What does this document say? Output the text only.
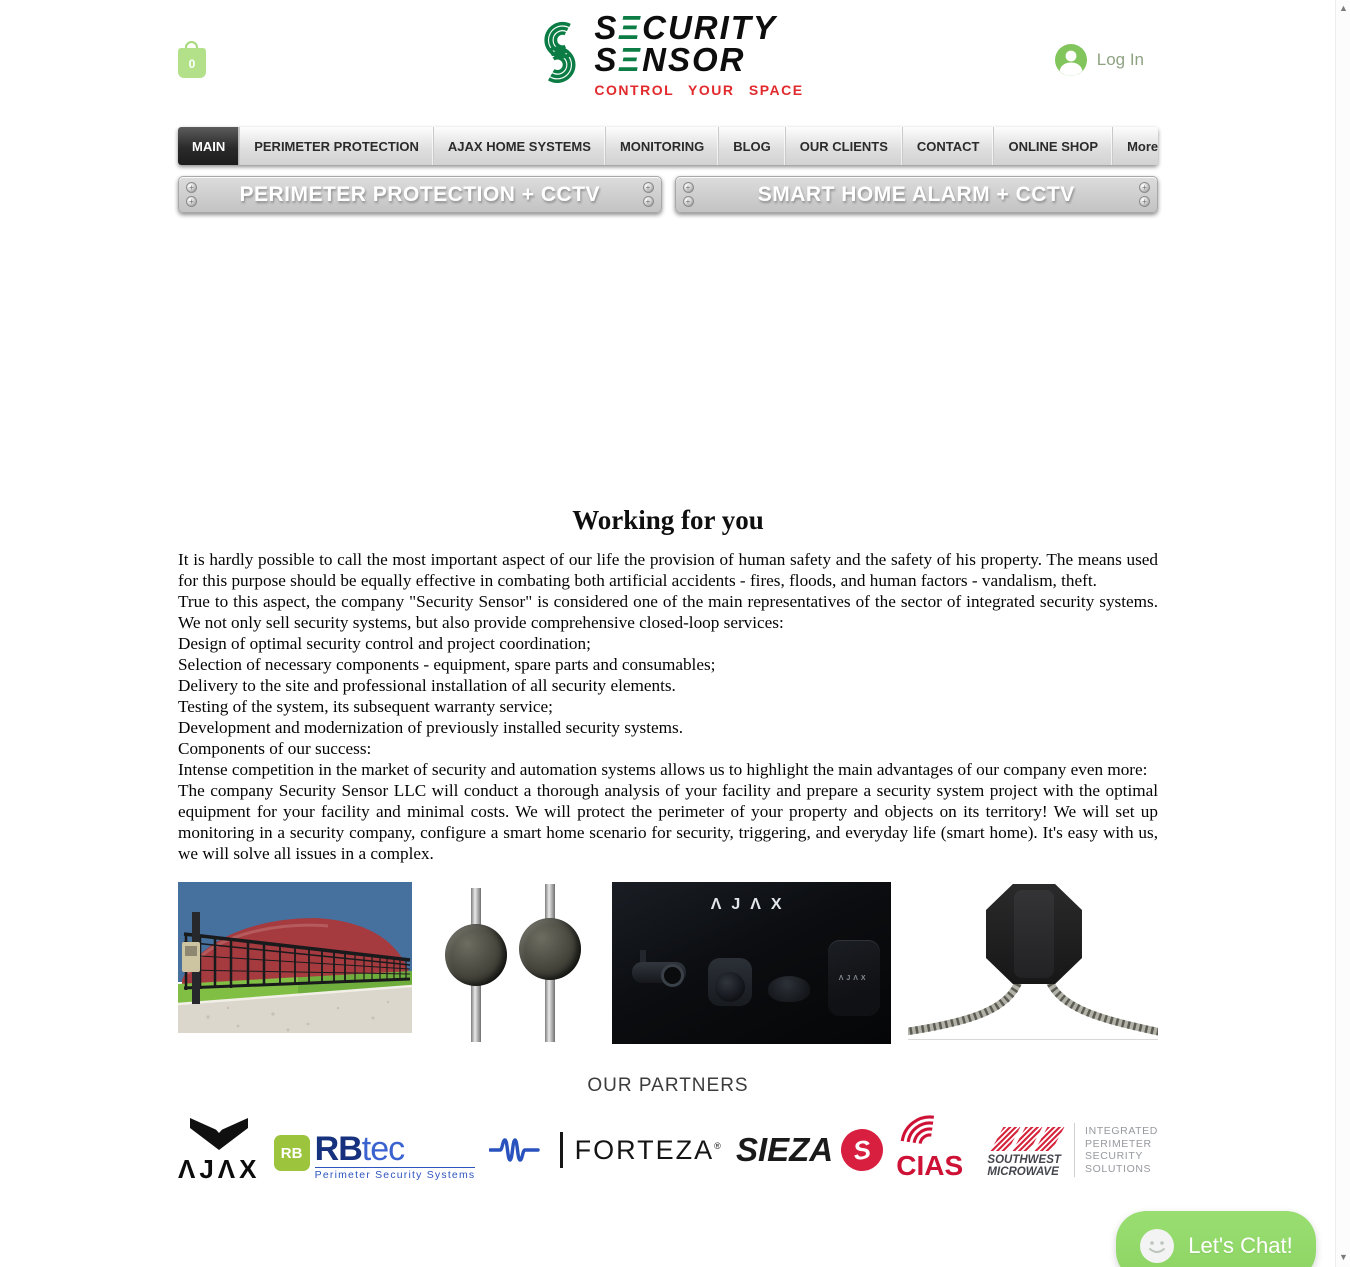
0
SΞCURITY
SΞNSOR
CONTROL YOUR SPACE
Log In
MAIN	PERIMETER PROTECTION	AJAX HOME SYSTEMS	MONITORING	BLOG	OUR CLIENTS	CONTACT	ONLINE SHOP	More
+
+
+
+
PERIMETER PROTECTION + CCTV	+
+
+
+
SMART HOME ALARM + CCTV
Working for you

It is hardly possible to call the most important aspect of our life the provision of human safety and the safety of his property. The means used for this purpose should be equally effective in combating both artificial accidents - fires, floods, and human factors - vandalism, theft.

True to this aspect, the company "Security Sensor" is considered one of the main representatives of the sector of integrated security systems. We not only sell security systems, but also provide comprehensive closed-loop services:

Design of optimal security control and project coordination;

Selection of necessary components - equipment, spare parts and consumables;

Delivery to the site and professional installation of all security elements.

Testing of the system, its subsequent warranty service;

Development and modernization of previously installed security systems.

Components of our success:

Intense competition in the market of security and automation systems allows us to highlight the main advantages of our company even more:

The company Security Sensor LLC will conduct a thorough analysis of your facility and prepare a security system project with the optimal equipment for your facility and minimal costs. We will protect the perimeter of your property and objects on its territory! We will set up monitoring in a security company, configure a smart home scenario for security, triggering, and everyday life (smart home). It's easy with us, we will solve all issues in a complex.

ΛJΛX
ΛJΛX
OUR PARTNERS
ΛJΛX
RB RBtec
Perimeter Security Systems
FORTEZA® SIEZA S CIAS SOUTHWEST
MICROWAVE
INTEGRATED
PERIMETER
SECURITY
SOLUTIONS
Let's Chat!
▲
▼
